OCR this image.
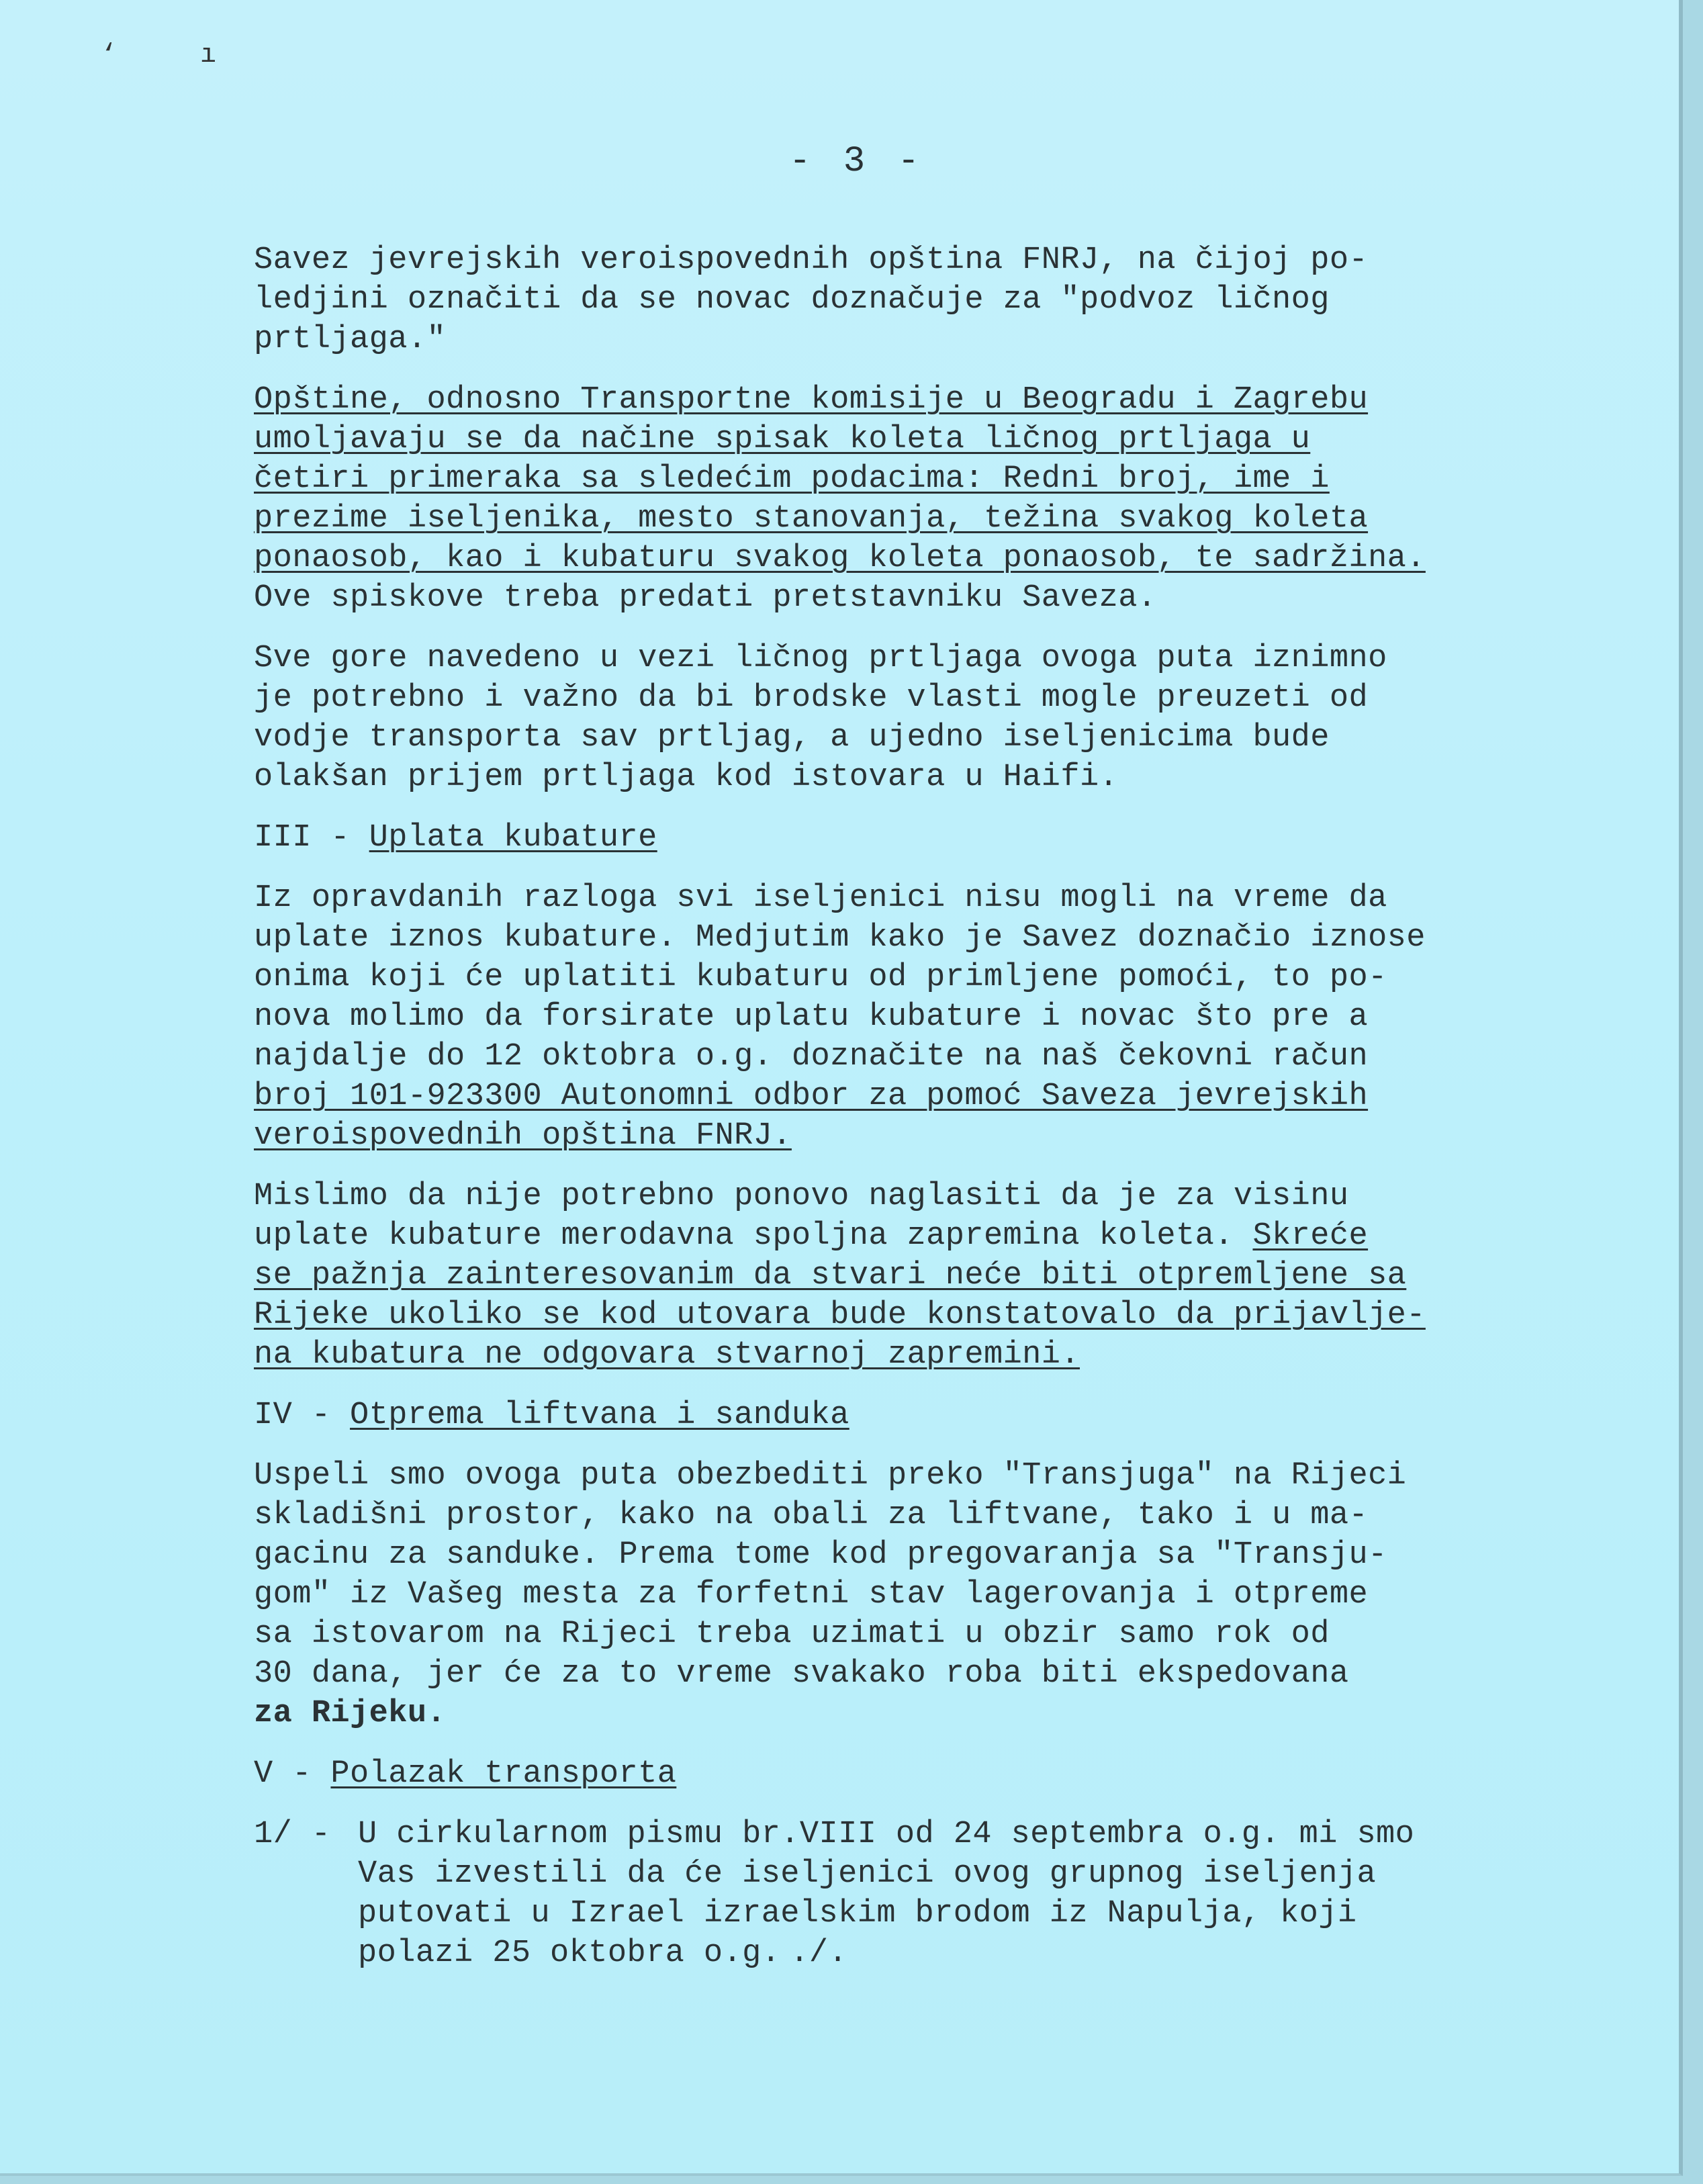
‘	ı
- 3 -
Savez jevrejskih veroispovednih opština FNRJ, na čijoj po-
ledjini označiti da se novac doznačuje za "podvoz ličnog
prtljaga."
Opštine, odnosno Transportne komisije u Beogradu i Zagrebu
umoljavaju se da načine spisak koleta ličnog prtljaga u
četiri primeraka sa sledećim podacima: Redni broj, ime i
prezime iseljenika, mesto stanovanja, težina svakog koleta
ponaosob, kao i kubaturu svakog koleta ponaosob, te sadržina.
Ove spiskove treba predati pretstavniku Saveza.
Sve gore navedeno u vezi ličnog prtljaga ovoga puta iznimno
je potrebno i važno da bi brodske vlasti mogle preuzeti od
vodje transporta sav prtljag, a ujedno iseljenicima bude
olakšan prijem prtljaga kod istovara u Haifi.
III - Uplata kubature
Iz opravdanih razloga svi iseljenici nisu mogli na vreme da
uplate iznos kubature. Medjutim kako je Savez doznačio iznose
onima koji će uplatiti kubaturu od primljene pomoći, to po-
nova molimo da forsirate uplatu kubature i novac što pre a
najdalje do 12 oktobra o.g. doznačite na naš čekovni račun
broj 101-923300 Autonomni odbor za pomoć Saveza jevrejskih
veroispovednih opština FNRJ.
Mislimo da nije potrebno ponovo naglasiti da je za visinu
uplate kubature merodavna spoljna zapremina koleta. Skreće
se pažnja zainteresovanim da stvari neće biti otpremljene sa
Rijeke ukoliko se kod utovara bude konstatovalo da prijavlje-
na kubatura ne odgovara stvarnoj zapremini.
IV - Otprema liftvana i sanduka
Uspeli smo ovoga puta obezbediti preko "Transjuga" na Rijeci
skladišni prostor, kako na obali za liftvane, tako i u ma-
gacinu za sanduke. Prema tome kod pregovaranja sa "Transju-
gom" iz Vašeg mesta za forfetni stav lagerovanja i otpreme
sa istovarom na Rijeci treba uzimati u obzir samo rok od
30 dana, jer će za to vreme svakako roba biti ekspedovana
za Rijeku.
V - Polazak transporta
1/ - U cirkularnom pismu br.VIII od 24 septembra o.g. mi smo
Vas izvestili da će iseljenici ovog grupnog iseljenja
putovati u Izrael izraelskim brodom iz Napulja, koji
polazi 25 oktobra o.g. ./.
